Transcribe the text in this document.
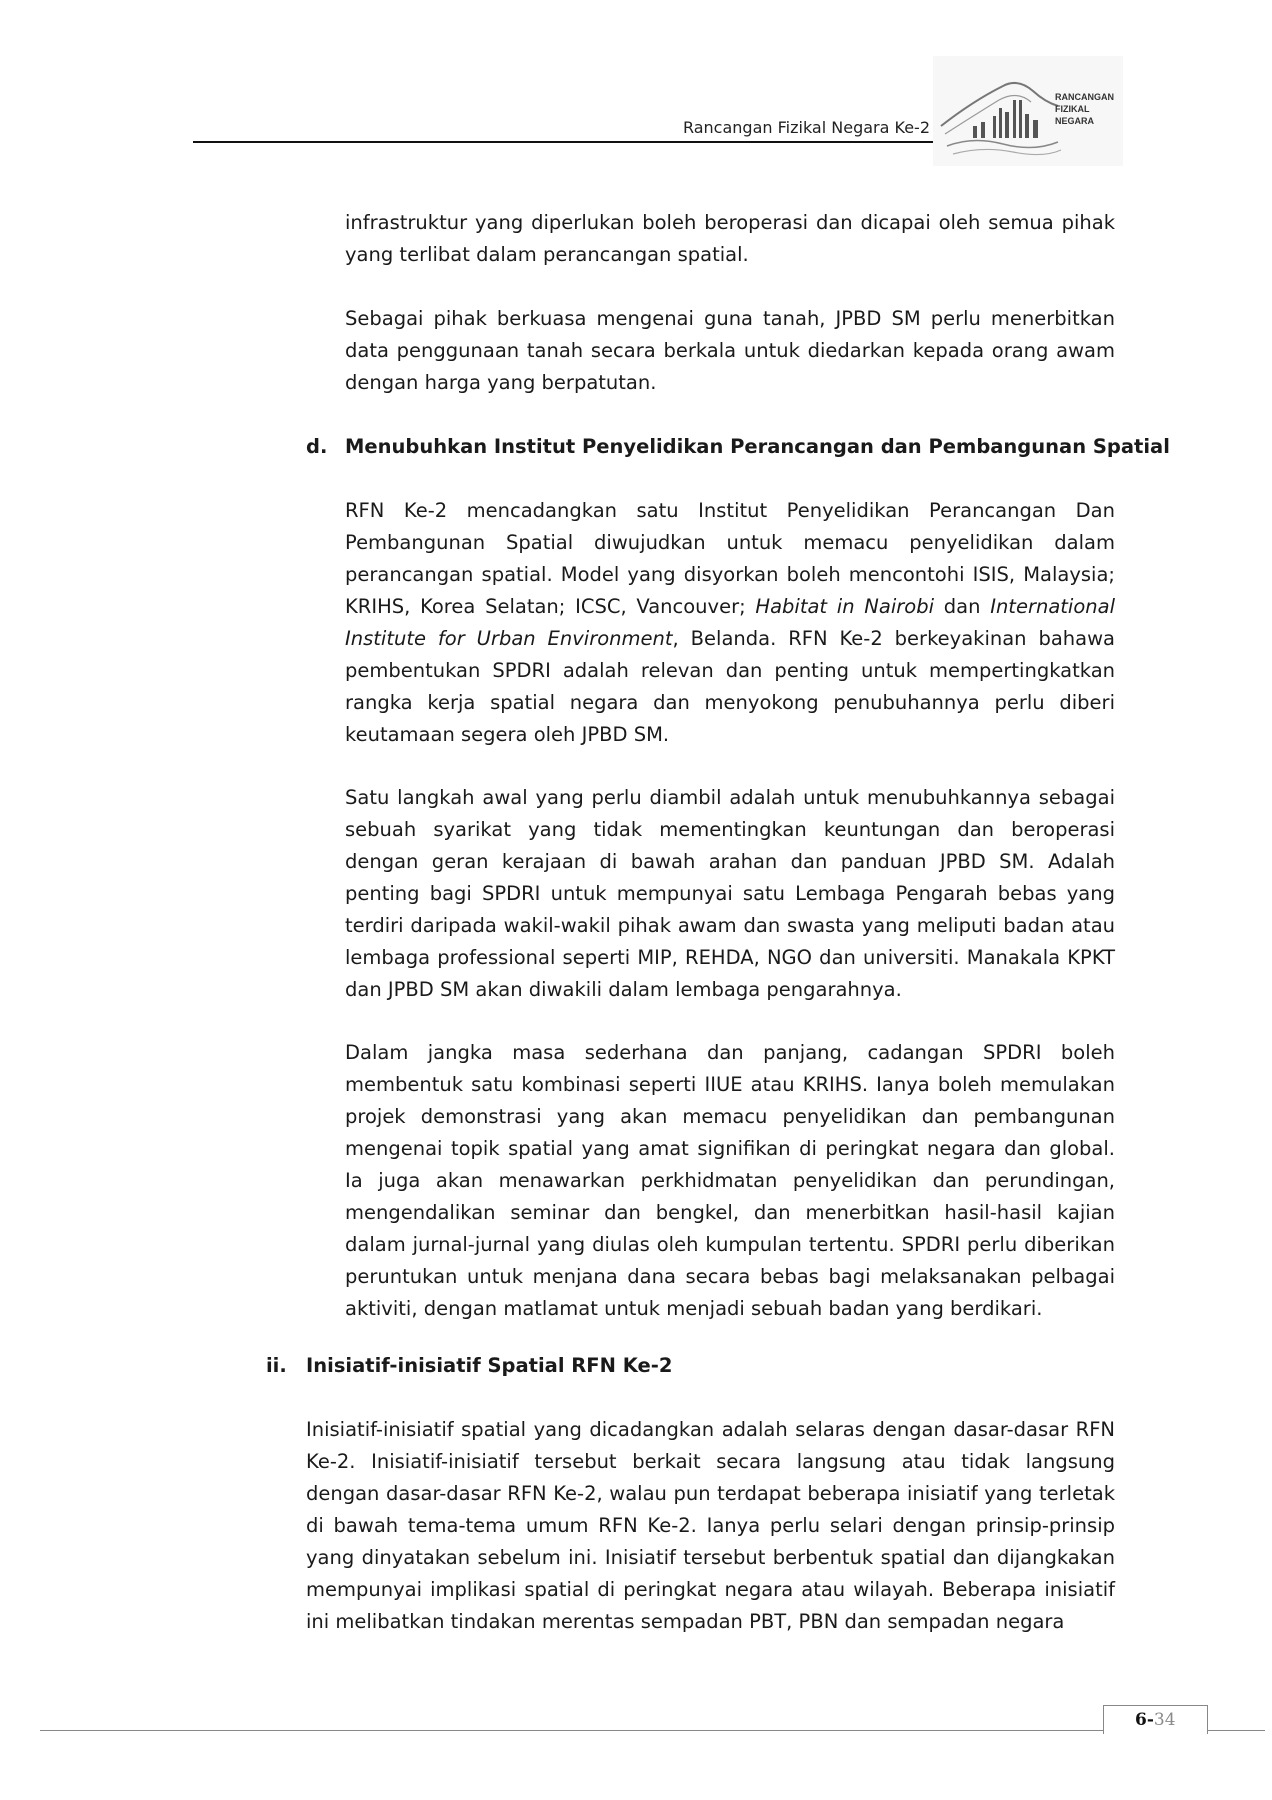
Rancangan Fizikal Negara Ke-2
RANCANGAN
FIZIKAL
NEGARA

infrastruktur yang diperlukan boleh beroperasi dan dicapai oleh semua pihak yang terlibat dalam perancangan spatial.

Sebagai pihak berkuasa mengenai guna tanah, JPBD SM perlu menerbitkan data penggunaan tanah secara berkala untuk diedarkan kepada orang awam dengan harga yang berpatutan.

d. Menubuhkan Institut Penyelidikan Perancangan dan Pembangunan Spatial

RFN Ke-2 mencadangkan satu Institut Penyelidikan Perancangan Dan Pembangunan Spatial diwujudkan untuk memacu penyelidikan dalam perancangan spatial. Model yang disyorkan boleh mencontohi ISIS, Malaysia; KRIHS, Korea Selatan; ICSC, Vancouver; Habitat in Nairobi dan International Institute for Urban Environment, Belanda. RFN Ke-2 berkeyakinan bahawa pembentukan SPDRI adalah relevan dan penting untuk mempertingkatkan rangka kerja spatial negara dan menyokong penubuhannya perlu diberi keutamaan segera oleh JPBD SM.

Satu langkah awal yang perlu diambil adalah untuk menubuhkannya sebagai sebuah syarikat yang tidak mementingkan keuntungan dan beroperasi dengan geran kerajaan di bawah arahan dan panduan JPBD SM. Adalah penting bagi SPDRI untuk mempunyai satu Lembaga Pengarah bebas yang terdiri daripada wakil-wakil pihak awam dan swasta yang meliputi badan atau lembaga professional seperti MIP, REHDA, NGO dan universiti. Manakala KPKT dan JPBD SM akan diwakili dalam lembaga pengarahnya.

Dalam jangka masa sederhana dan panjang, cadangan SPDRI boleh membentuk satu kombinasi seperti IIUE atau KRIHS. Ianya boleh memulakan projek demonstrasi yang akan memacu penyelidikan dan pembangunan mengenai topik spatial yang amat signifikan di peringkat negara dan global. Ia juga akan menawarkan perkhidmatan penyelidikan dan perundingan, mengendalikan seminar dan bengkel, dan menerbitkan hasil-hasil kajian dalam jurnal-jurnal yang diulas oleh kumpulan tertentu. SPDRI perlu diberikan peruntukan untuk menjana dana secara bebas bagi melaksanakan pelbagai aktiviti, dengan matlamat untuk menjadi sebuah badan yang berdikari.

ii. Inisiatif-inisiatif Spatial RFN Ke-2

Inisiatif-inisiatif spatial yang dicadangkan adalah selaras dengan dasar-dasar RFN Ke-2. Inisiatif-inisiatif tersebut berkait secara langsung atau tidak langsung dengan dasar-dasar RFN Ke-2, walau pun terdapat beberapa inisiatif yang terletak di bawah tema-tema umum RFN Ke-2. Ianya perlu selari dengan prinsip-prinsip yang dinyatakan sebelum ini. Inisiatif tersebut berbentuk spatial dan dijangkakan mempunyai implikasi spatial di peringkat negara atau wilayah. Beberapa inisiatif ini melibatkan tindakan merentas sempadan PBT, PBN dan sempadan negara

6-34
